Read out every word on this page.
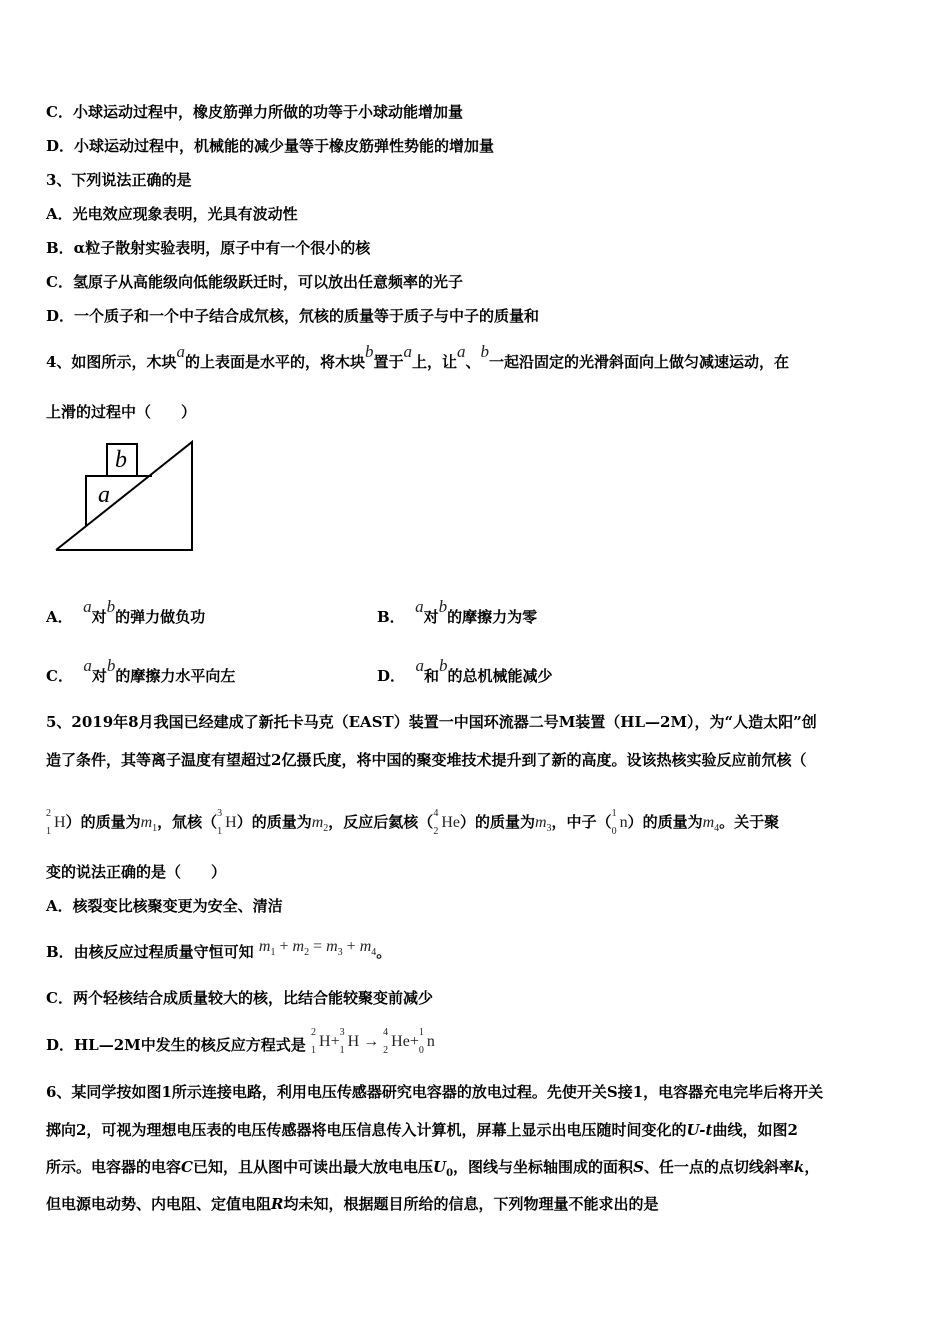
C．小球运动过程中，橡皮筋弹力所做的功等于小球动能增加量
D．小球运动过程中，机械能的减少量等于橡皮筋弹性势能的增加量
3、下列说法正确的是
A．光电效应现象表明，光具有波动性
B．α粒子散射实验表明，原子中有一个很小的核
C．氢原子从高能级向低能级跃迁时，可以放出任意频率的光子
D．一个质子和一个中子结合成氘核，氘核的质量等于质子与中子的质量和
4、如图所示，木块a的上表面是水平的，将木块b置于a上，让a、b一起沿固定的光滑斜面向上做匀减速运动，在
上滑的过程中（　　）
b
a
A．  a对b的弹力做负功	B．  a对b的摩擦力为零
C．  a对b的摩擦力水平向左	D．  a和b的总机械能减少
5、2019年8月我国已经建成了新托卡马克（EAST）装置一中国环流器二号M装置（HL—2M），为“人造太阳”创
造了条件，其等离子温度有望超过2亿摄氏度，将中国的聚变堆技术提升到了新的高度。设该热核实验反应前氘核（
2
1
H）的质量为$m_1$，氚核（ 3
1
H）的质量为$m_2$，反应后氦核（ 4
2
He）的质量为$m_3$，中子（ 1
0
n）的质量为$m_4$。关于聚
变的说法正确的是（　　）
A．核裂变比核聚变更为安全、清洁
B．由核反应过程质量守恒可知 $m_1 + m_2 = m_3 + m_4$。
C．两个轻核结合成质量较大的核，比结合能较聚变前减少
D．HL—2M中发生的核反应方程式是
2
1
H+
3
1
H →
4
2
He+
1
0
n
6、某同学按如图1所示连接电路，利用电压传感器研究电容器的放电过程。先使开关S接1，电容器充电完毕后将开关
掷向2，可视为理想电压表的电压传感器将电压信息传入计算机，屏幕上显示出电压随时间变化的U-t曲线，如图2
所示。电容器的电容C已知，且从图中可读出最大放电电压$U_0$，图线与坐标轴围成的面积S、任一点的点切线斜率k，
但电源电动势、内电阻、定值电阻R均未知，根据题目所给的信息，下列物理量不能求出的是
